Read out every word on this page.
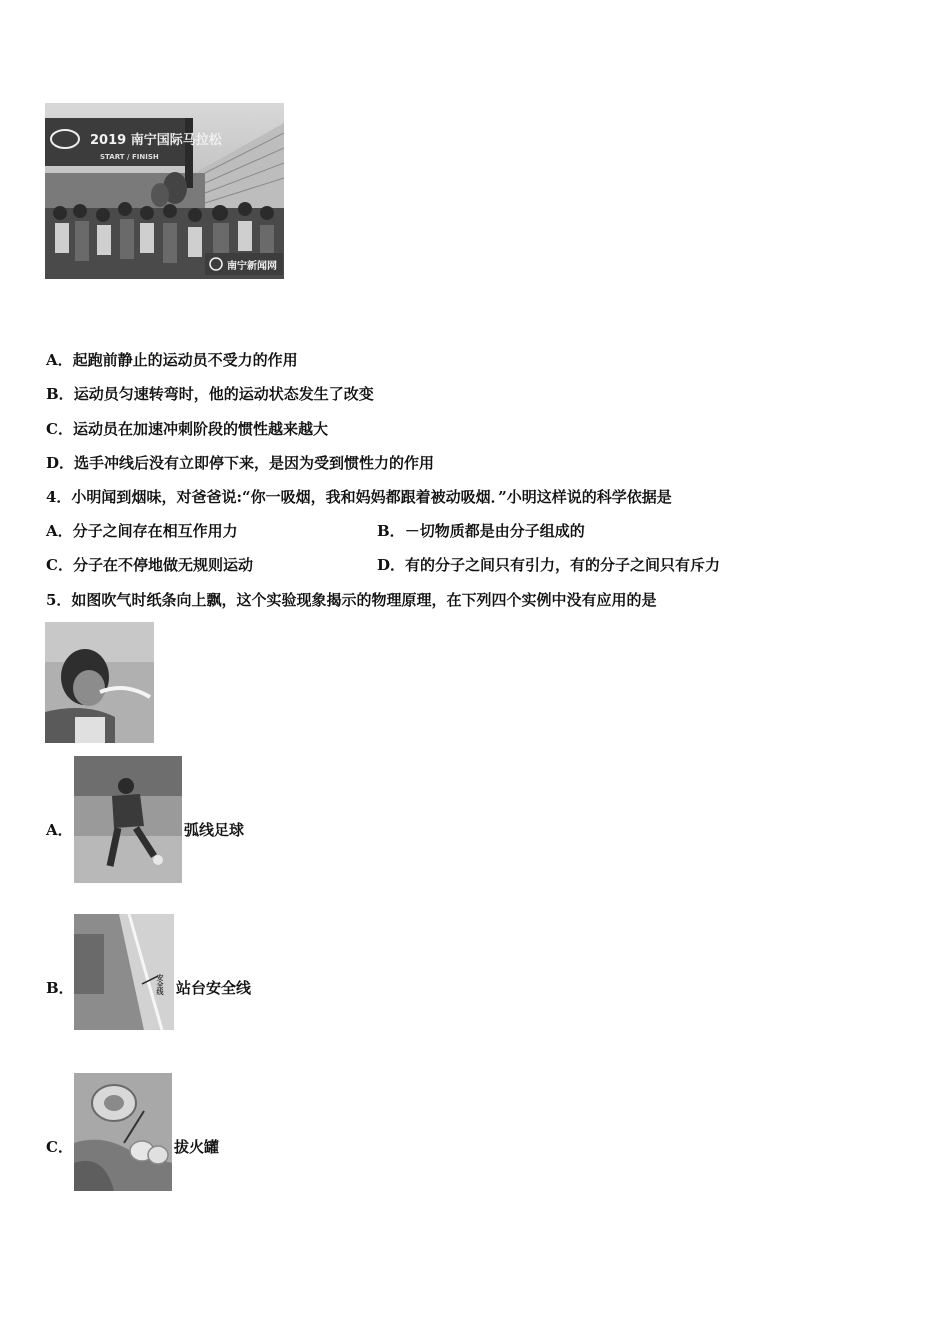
2019 南宁国际马拉松
START / FINISH
南宁新闻网
A．起跑前静止的运动员不受力的作用
B．运动员匀速转弯时，他的运动状态发生了改变
C．运动员在加速冲刺阶段的惯性越来越大
D．选手冲线后没有立即停下来，是因为受到惯性力的作用
4．小明闻到烟味，对爸爸说:“你一吸烟，我和妈妈都跟着被动吸烟．”小明这样说的科学依据是
A．分子之间存在相互作用力	B．－切物质都是由分子组成的
C．分子在不停地做无规则运动	D．有的分子之间只有引力，有的分子之间只有斥力
5．如图吹气时纸条向上飘，这个实验现象揭示的物理原理，在下列四个实例中没有应用的是
A．	弧线足球
B．	安全线 站台安全线
C．	拔火罐
